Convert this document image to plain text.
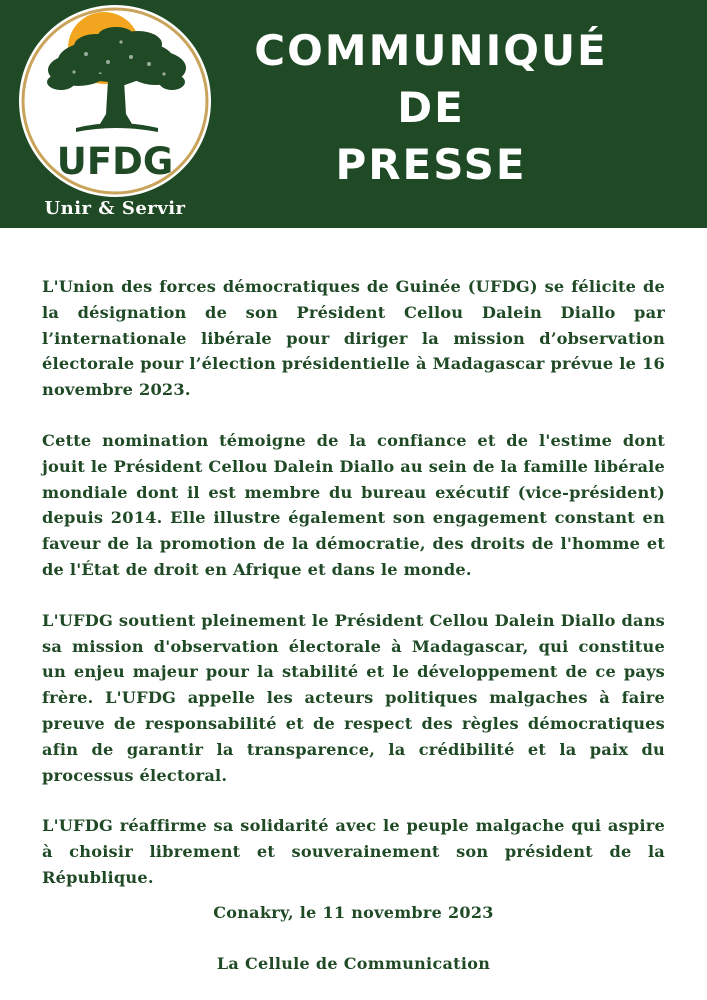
UFDG
Unir & Servir
COMMUNIQUÉ
DE
PRESSE

L'Union des forces démocratiques de Guinée (UFDG) se félicite de la désignation de son Président Cellou Dalein Diallo par l’internationale libérale pour diriger la mission d’observation électorale pour l’élection présidentielle à Madagascar prévue le 16 novembre 2023.

Cette nomination témoigne de la confiance et de l'estime dont jouit le Président Cellou Dalein Diallo au sein de la famille libérale mondiale dont il est membre du bureau exécutif (vice-président) depuis 2014. Elle illustre également son engagement constant en faveur de la promotion de la démocratie, des droits de l'homme et de l'État de droit en Afrique et dans le monde.

L'UFDG soutient pleinement le Président Cellou Dalein Diallo dans sa mission d'observation électorale à Madagascar, qui constitue un enjeu majeur pour la stabilité et le développement de ce pays frère. L'UFDG appelle les acteurs politiques malgaches à faire preuve de responsabilité et de respect des règles démocratiques afin de garantir la transparence, la crédibilité et la paix du processus électoral.

L'UFDG réaffirme sa solidarité avec le peuple malgache qui aspire à choisir librement et souverainement son président de la République.

Conakry, le 11 novembre 2023
La Cellule de Communication
